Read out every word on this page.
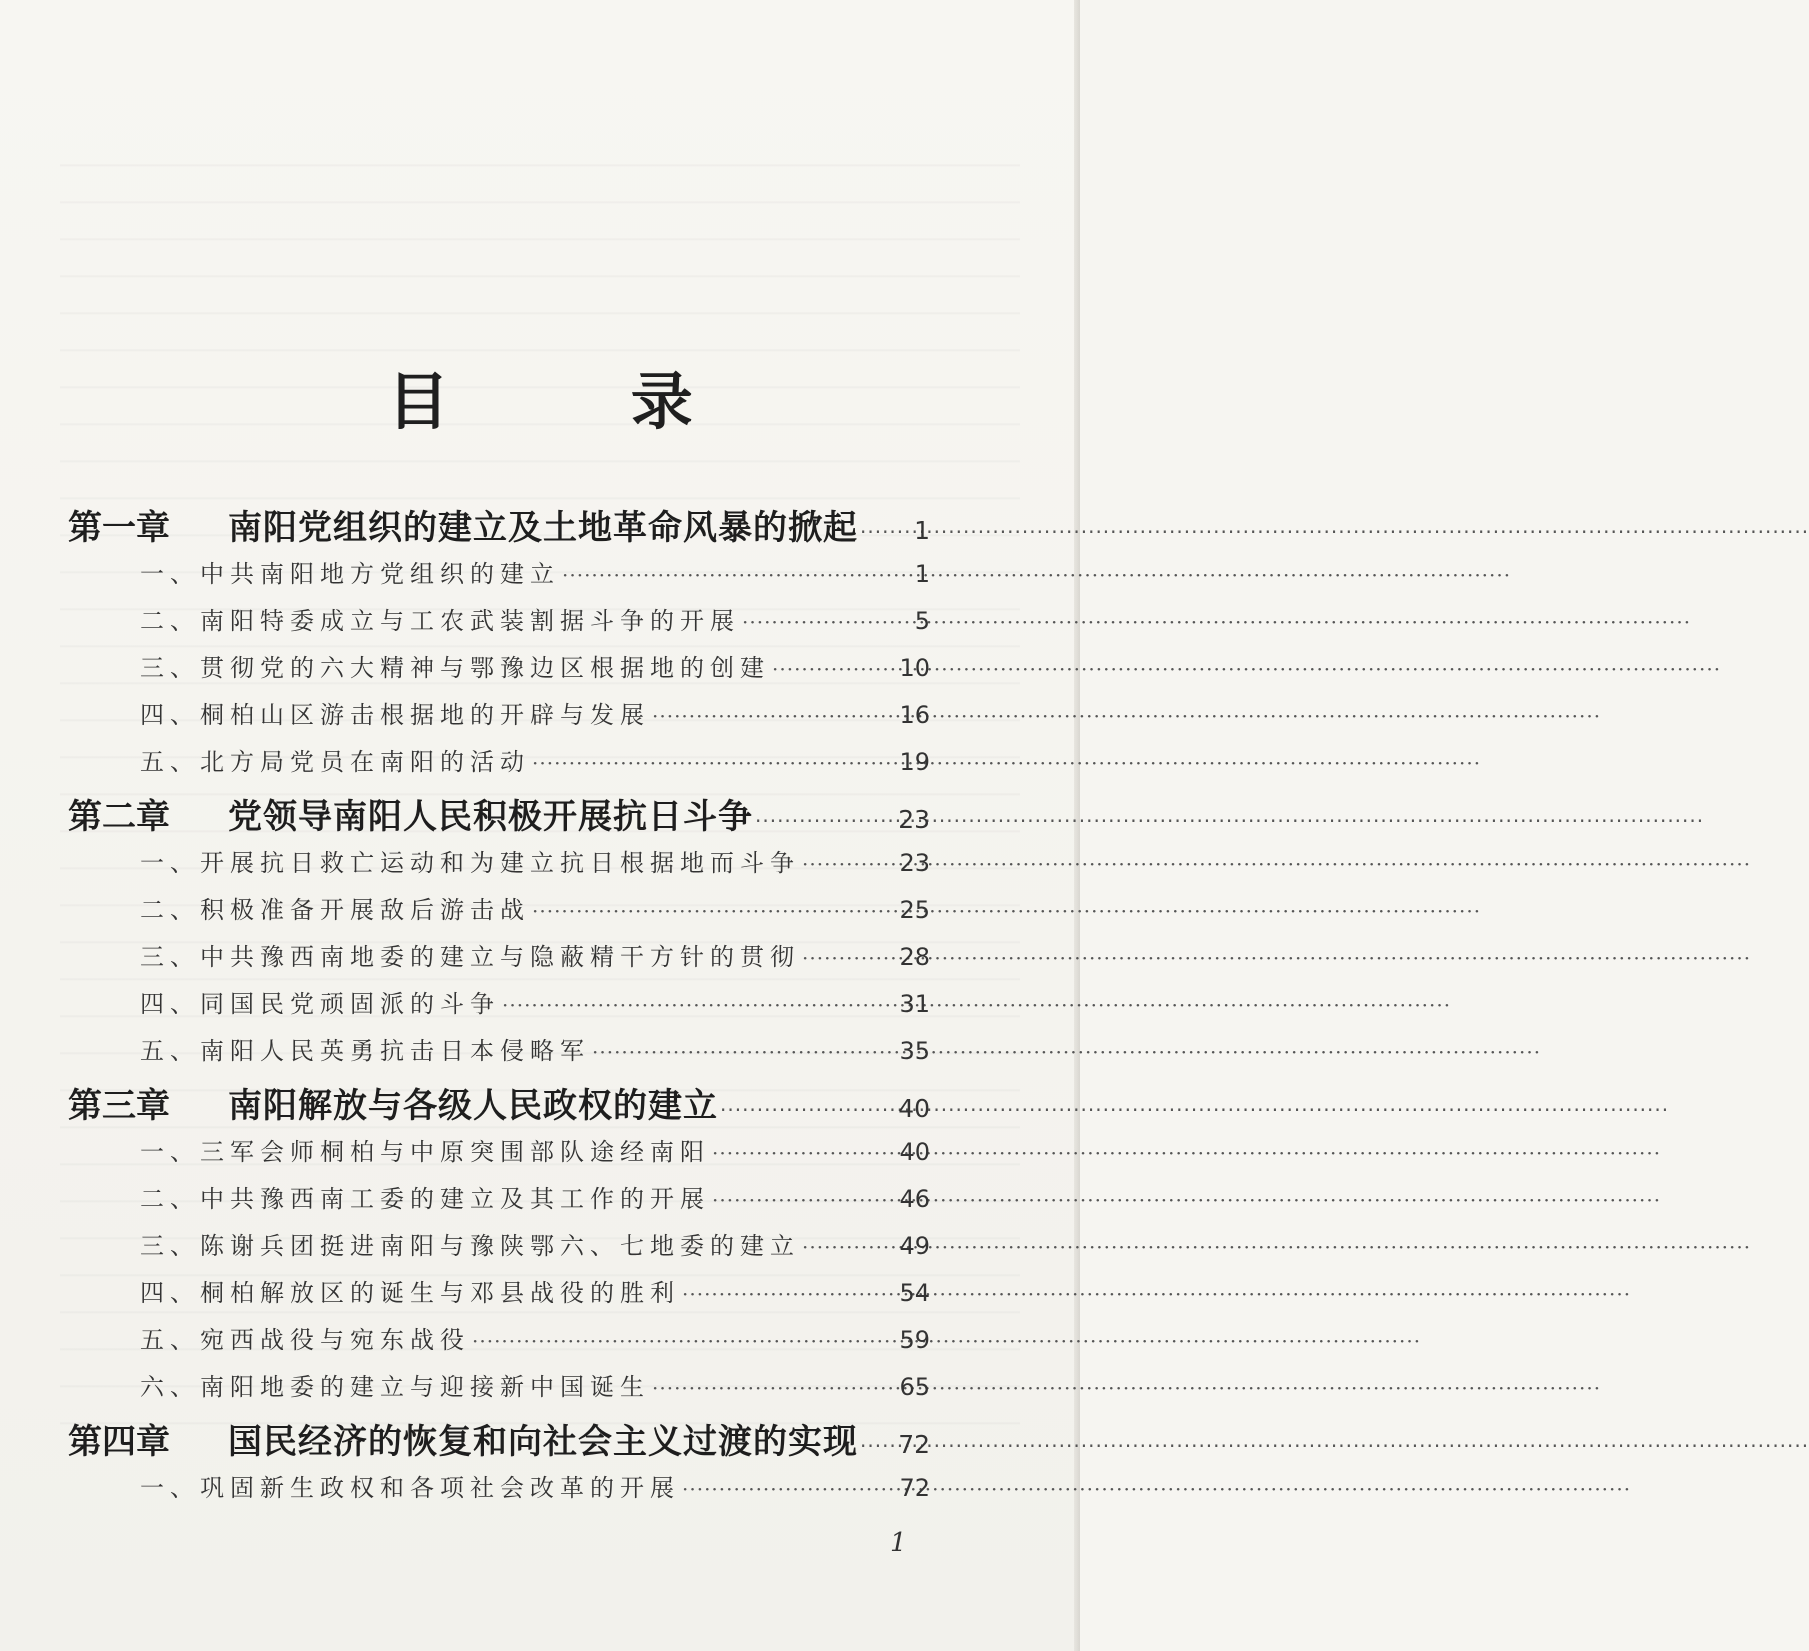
目 录
第一章	南阳党组织的建立及土地革命风暴的掀起 ····· 1
一、中共南阳地方党组织的建立 ·····	1
二、南阳特委成立与工农武装割据斗争的开展 ·····	5
三、贯彻党的六大精神与鄂豫边区根据地的创建 ·····	10
四、桐柏山区游击根据地的开辟与发展 ·····	16
五、北方局党员在南阳的活动 ·····	19
第二章	党领导南阳人民积极开展抗日斗争 ·····	23
一、开展抗日救亡运动和为建立抗日根据地而斗争 ·····	23
二、积极准备开展敌后游击战 ·····	25
三、中共豫西南地委的建立与隐蔽精干方针的贯彻 ·····	28
四、同国民党顽固派的斗争 ·····	31
五、南阳人民英勇抗击日本侵略军 ·····	35
第三章	南阳解放与各级人民政权的建立 ·····	40
一、三军会师桐柏与中原突围部队途经南阳 ·····	40
二、中共豫西南工委的建立及其工作的开展 ·····	46
三、陈谢兵团挺进南阳与豫陕鄂六、七地委的建立 ·····	49
四、桐柏解放区的诞生与邓县战役的胜利 ·····	54
五、宛西战役与宛东战役 ·····	59
六、南阳地委的建立与迎接新中国诞生 ·····	65
第四章	国民经济的恢复和向社会主义过渡的实现 ····· 72
一、巩固新生政权和各项社会改革的开展 ·····	72
1
